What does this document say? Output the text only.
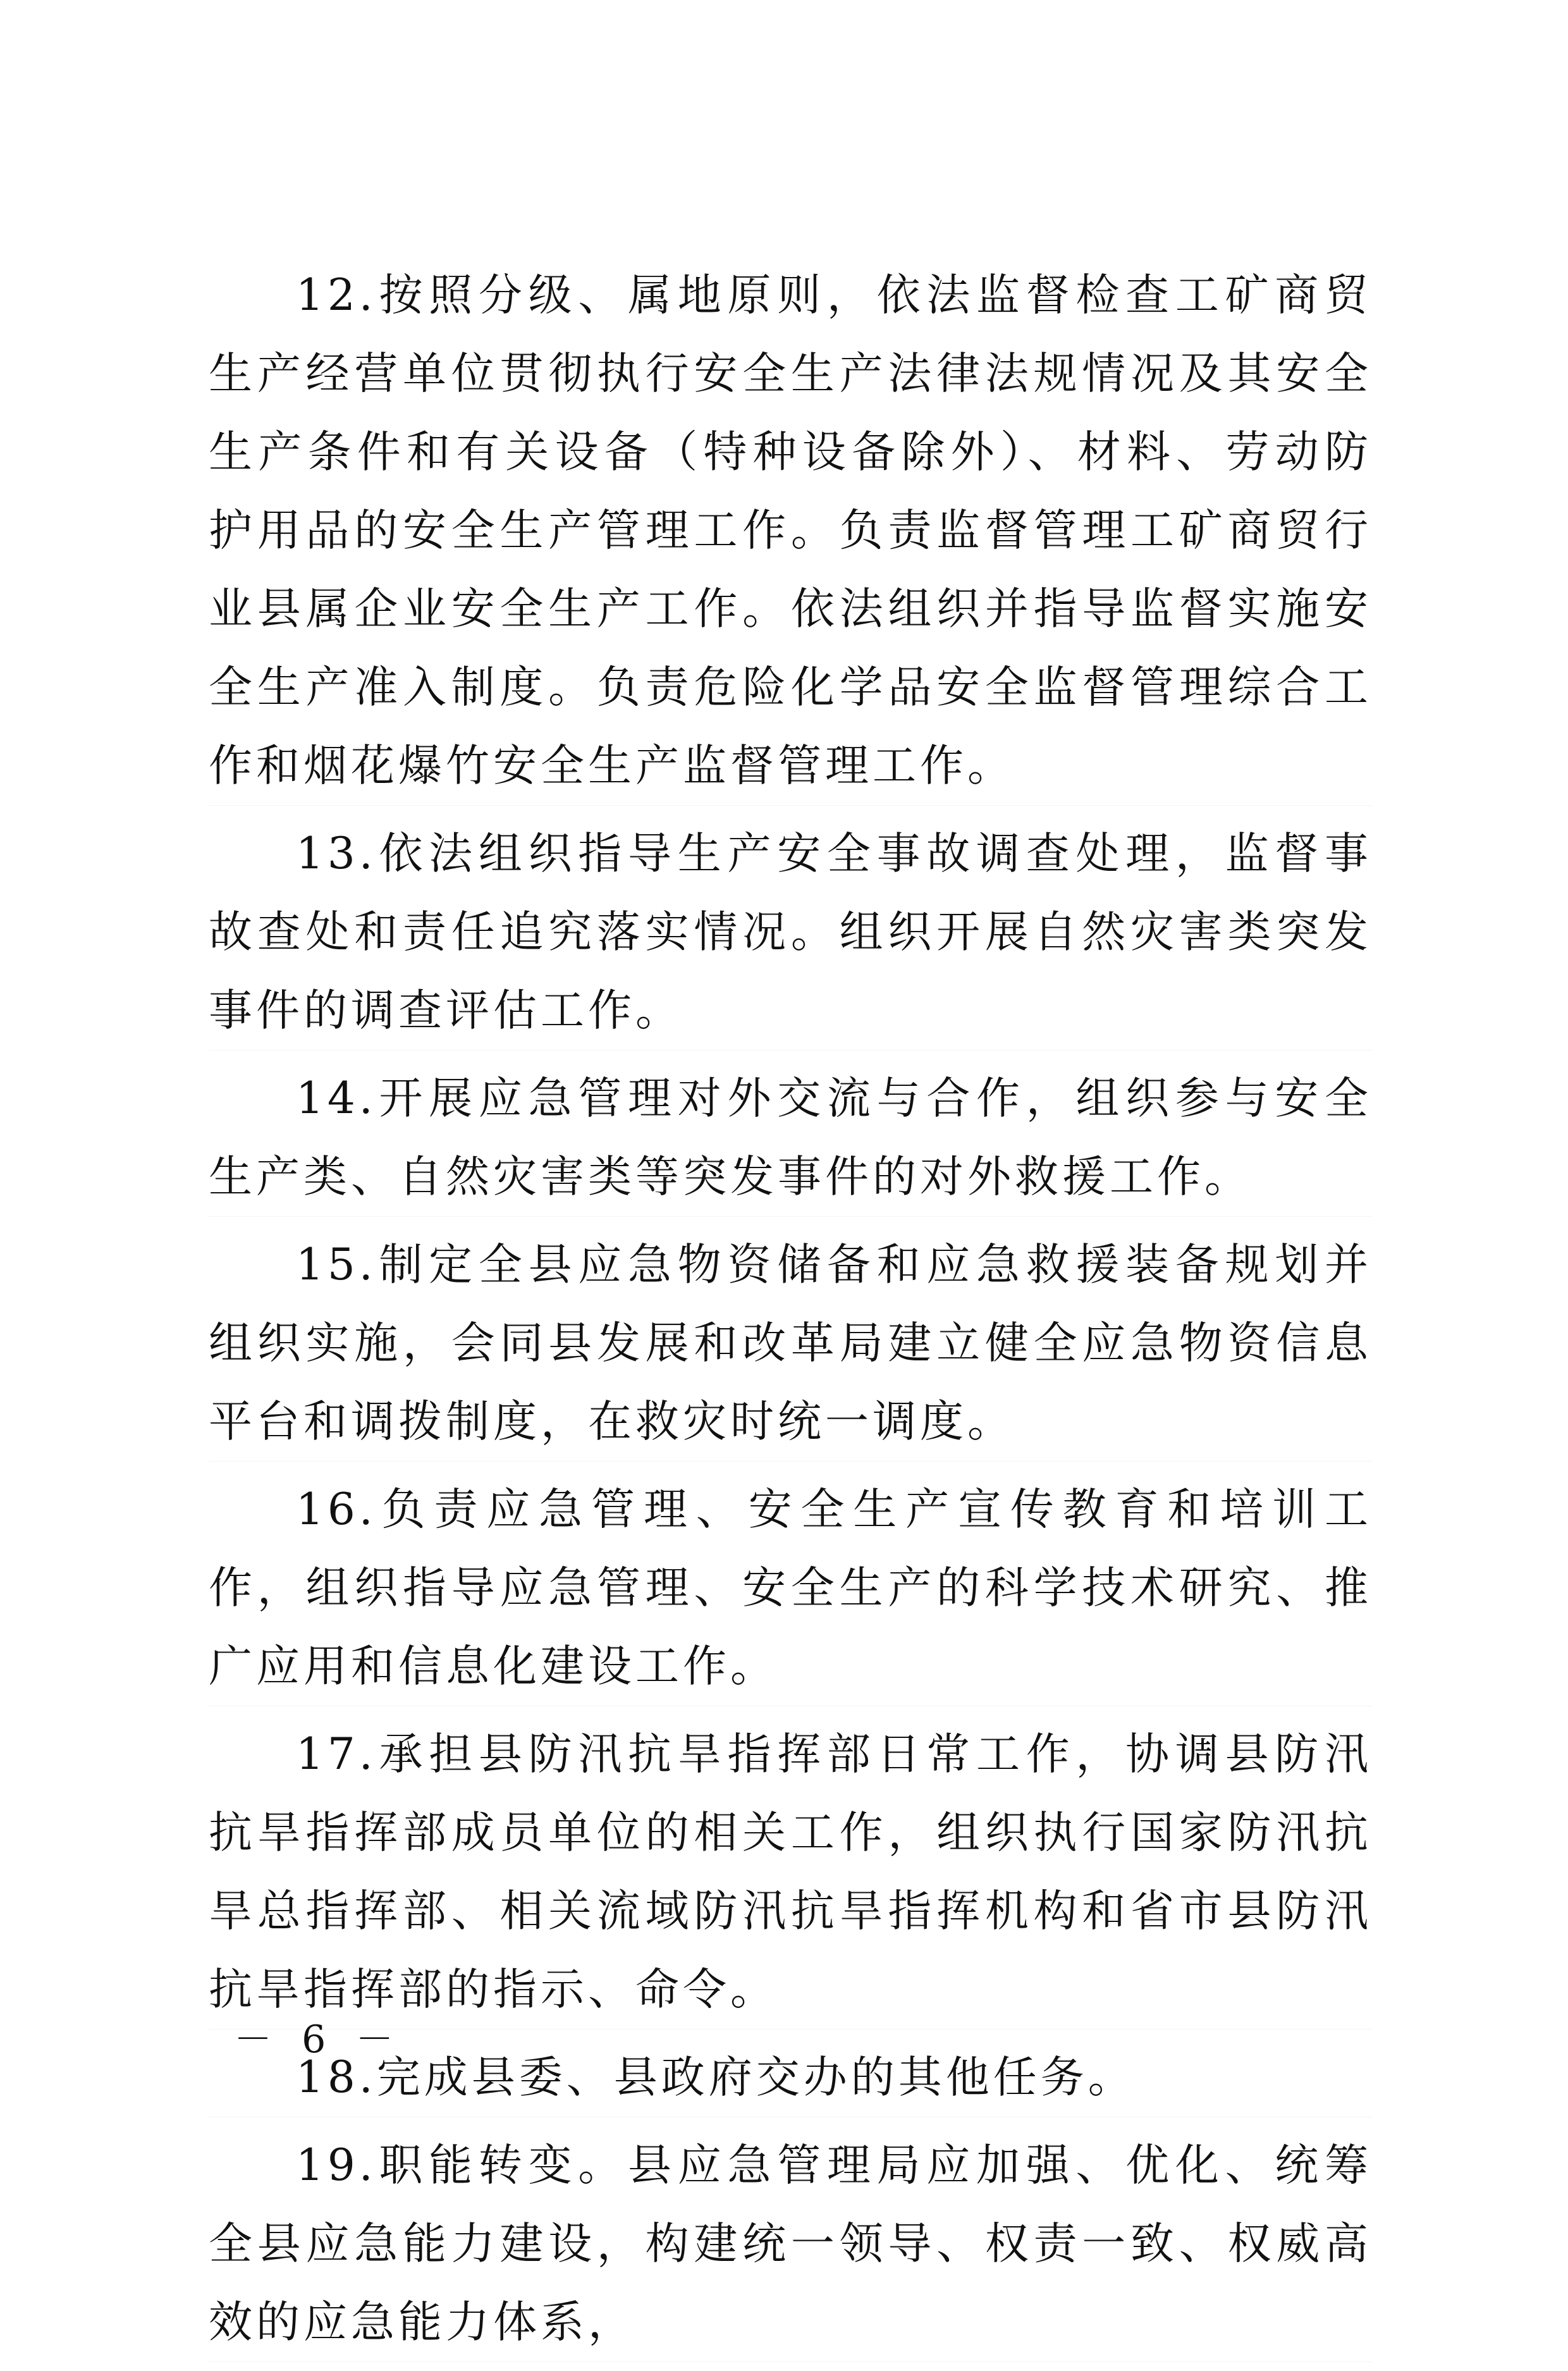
12.按照分级、属地原则，依法监督检查工矿商贸生产经营单位贯彻执行安全生产法律法规情况及其安全生产条件和有关设备（特种设备除外）、材料、劳动防护用品的安全生产管理工作。负责监督管理工矿商贸行业县属企业安全生产工作。依法组织并指导监督实施安全生产准入制度。负责危险化学品安全监督管理综合工作和烟花爆竹安全生产监督管理工作。

13.依法组织指导生产安全事故调查处理，监督事故查处和责任追究落实情况。组织开展自然灾害类突发事件的调查评估工作。

14.开展应急管理对外交流与合作，组织参与安全生产类、自然灾害类等突发事件的对外救援工作。

15.制定全县应急物资储备和应急救援装备规划并组织实施，会同县发展和改革局建立健全应急物资信息平台和调拨制度，在救灾时统一调度。

16.负责应急管理、安全生产宣传教育和培训工作，组织指导应急管理、安全生产的科学技术研究、推广应用和信息化建设工作。

17.承担县防汛抗旱指挥部日常工作，协调县防汛抗旱指挥部成员单位的相关工作，组织执行国家防汛抗旱总指挥部、相关流域防汛抗旱指挥机构和省市县防汛抗旱指挥部的指示、命令。

18.完成县委、县政府交办的其他任务。

19.职能转变。县应急管理局应加强、优化、统筹全县应急能力建设，构建统一领导、权责一致、权威高效的应急能力体系，

－ 6 －
